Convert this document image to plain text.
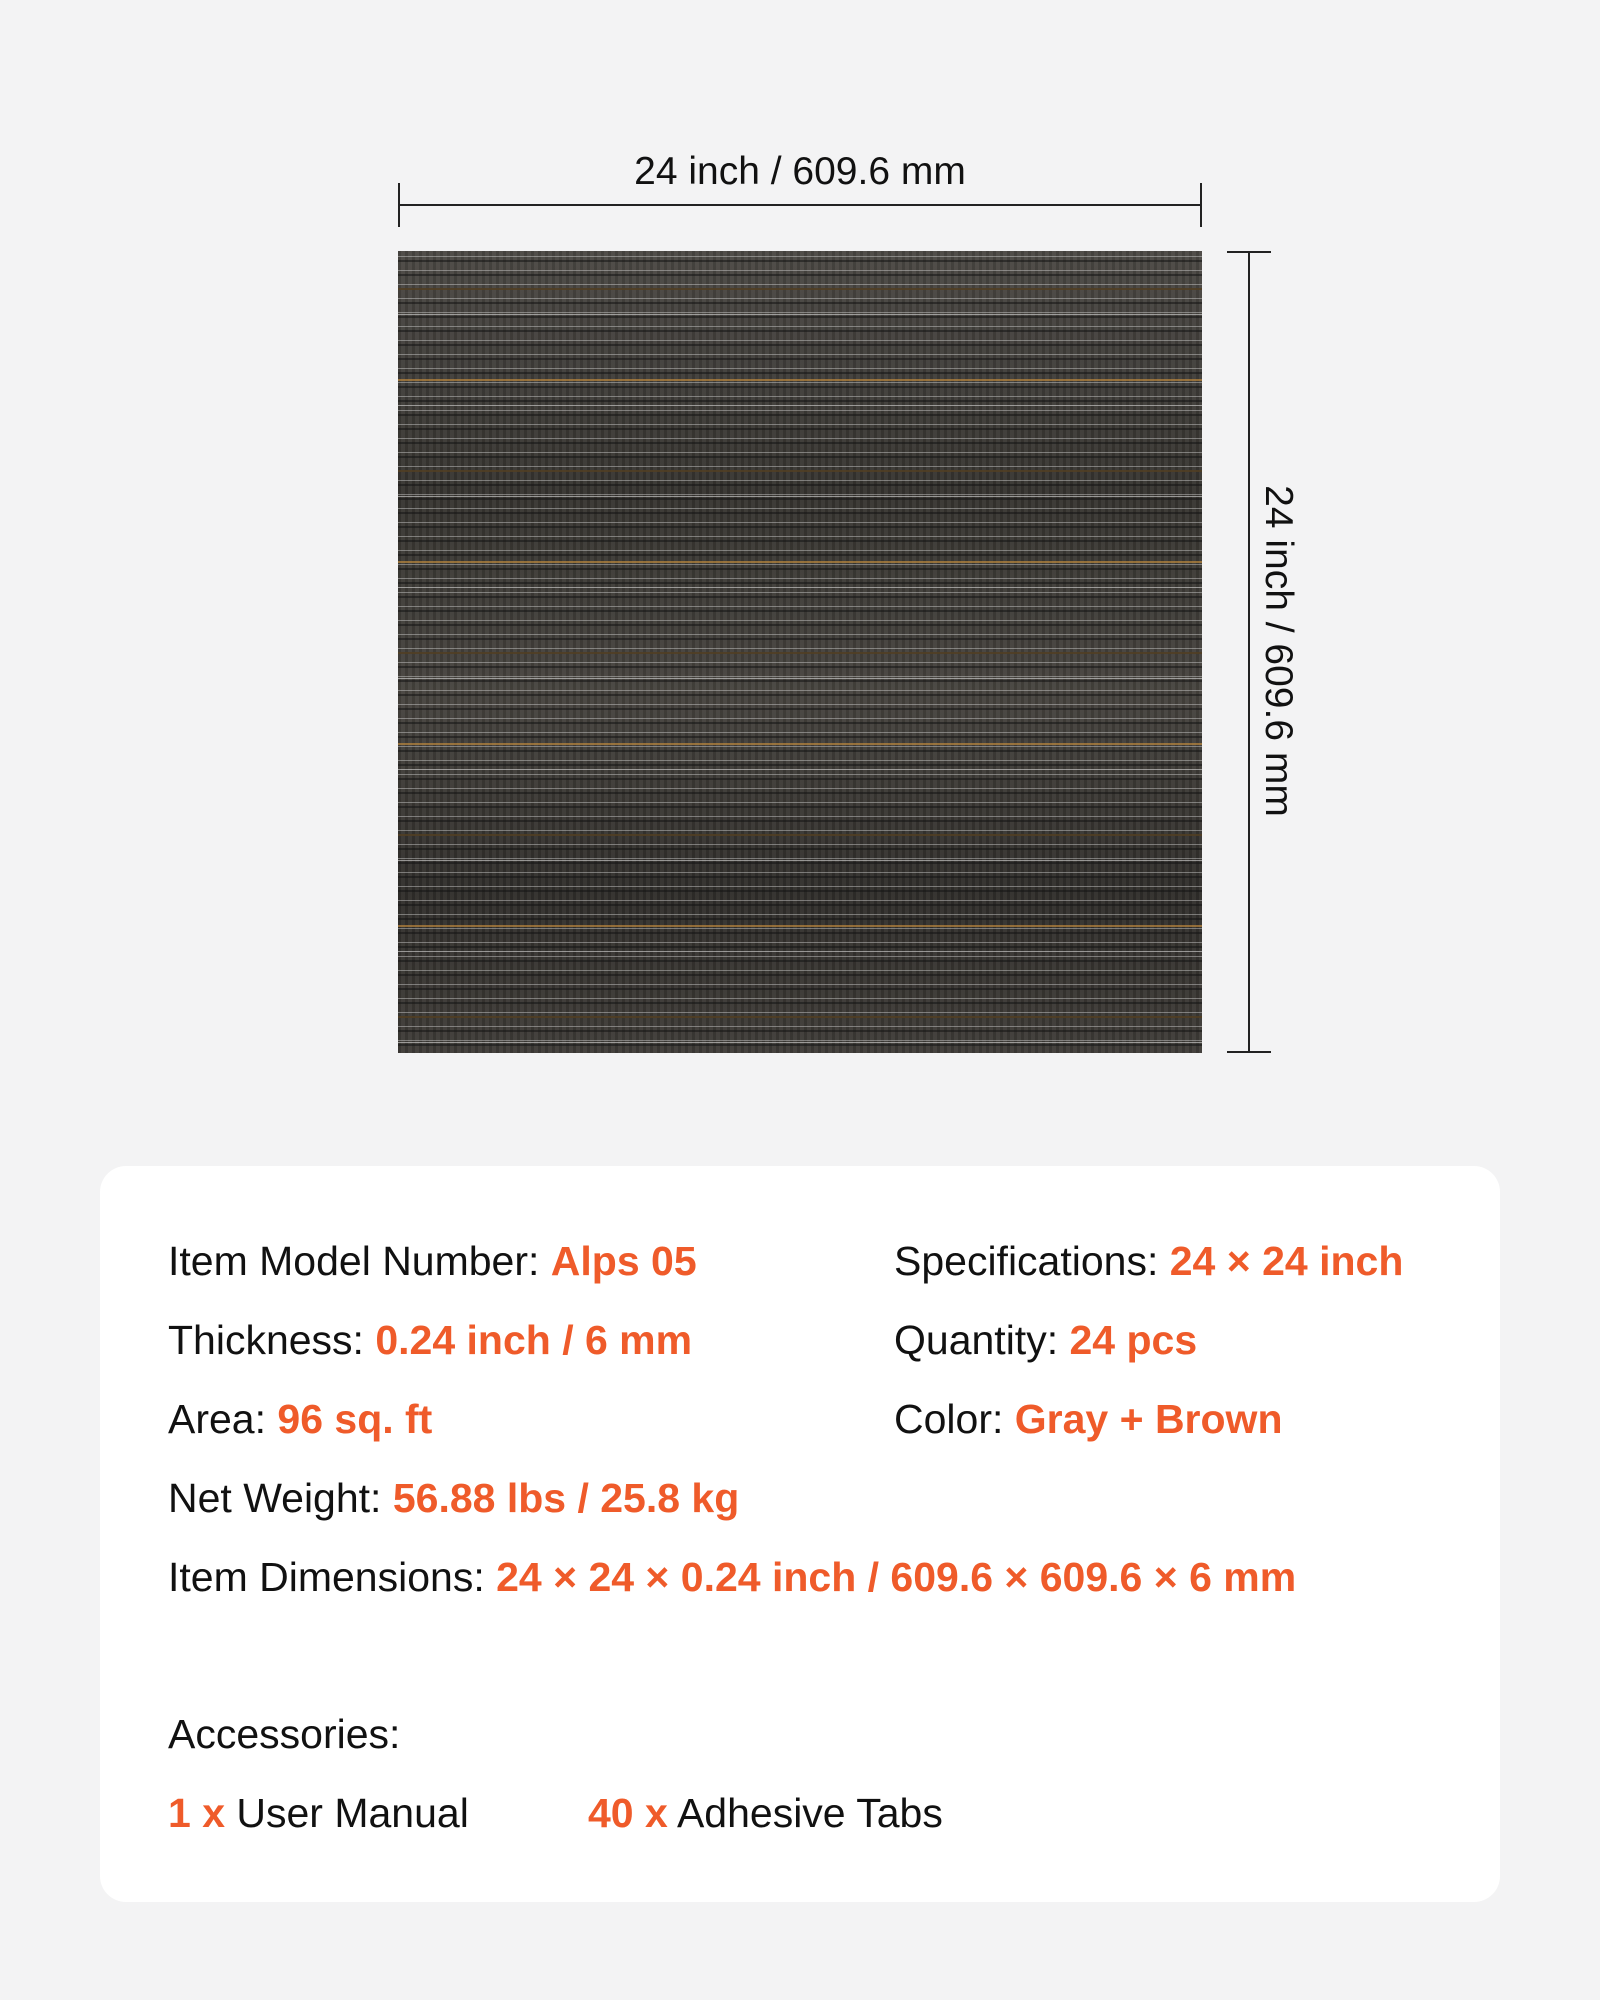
24 inch / 609.6 mm
24 inch / 609.6 mm
Item Model Number: Alps 05	Specifications: 24 × 24 inch
Thickness: 0.24 inch / 6 mm	Quantity: 24 pcs
Area: 96 sq. ft	Color: Gray + Brown
Net Weight: 56.88 lbs / 25.8 kg
Item Dimensions: 24 × 24 × 0.24 inch / 609.6 × 609.6 × 6 mm
Accessories:
1 x User Manual	40 x Adhesive Tabs
